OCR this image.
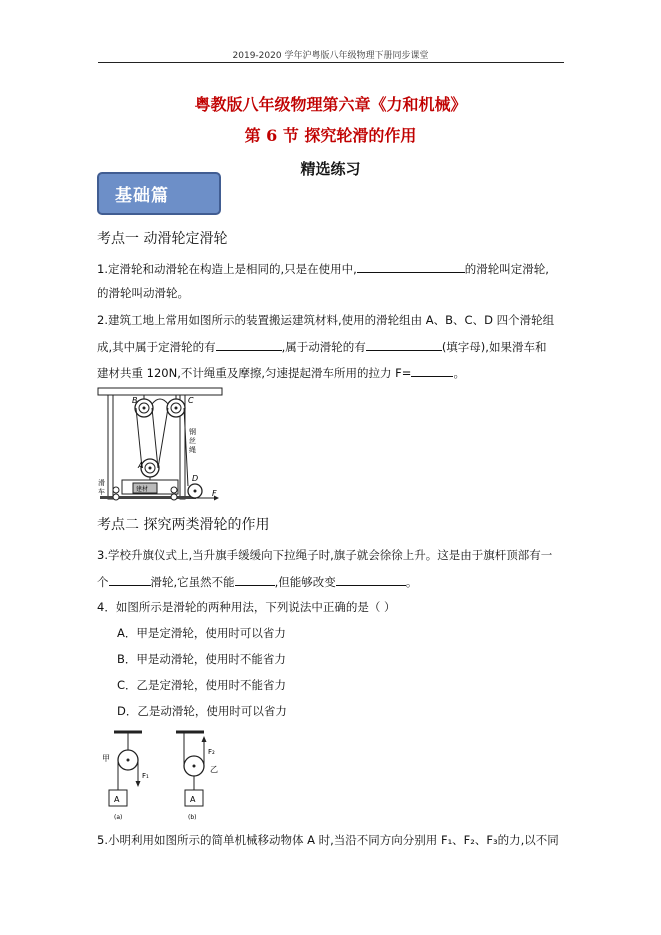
2019-2020 学年沪粤版八年级物理下册同步课堂
粤教版八年级物理第六章《力和机械》
第 6 节 探究轮滑的作用
精选练习
基础篇
考点一 动滑轮定滑轮
1.定滑轮和动滑轮在构造上是相同的,只是在使用中,	的滑轮叫定滑轮,
的滑轮叫动滑轮。
2.建筑工地上常用如图所示的装置搬运建筑材料,使用的滑轮组由 A、B、C、D 四个滑轮组
成,其中属于定滑轮的有	,属于动滑轮的有	(填字母),如果滑车和
建材共重 120N,不计绳重及摩擦,匀速提起滑车所用的拉力 F=	。
B	C
A
D
F
建材
钢
丝
绳
滑
车
考点二 探究两类滑轮的作用
3.学校升旗仪式上,当升旗手缓缓向下拉绳子时,旗子就会徐徐上升。这是由于旗杆顶部有一
个	滑轮,它虽然不能	,但能够改变	。
4．如图所示是滑轮的两种用法，下列说法中正确的是（ ）
A．甲是定滑轮，使用时可以省力
B．甲是动滑轮，使用时不能省力
C．乙是定滑轮，使用时不能省力
D．乙是动滑轮，使用时可以省力
A
甲
F₁
(a)
A
乙
F₂
(b)
5.小明利用如图所示的简单机械移动物体 A 时,当沿不同方向分别用 F₁、F₂、F₃的力,以不同
